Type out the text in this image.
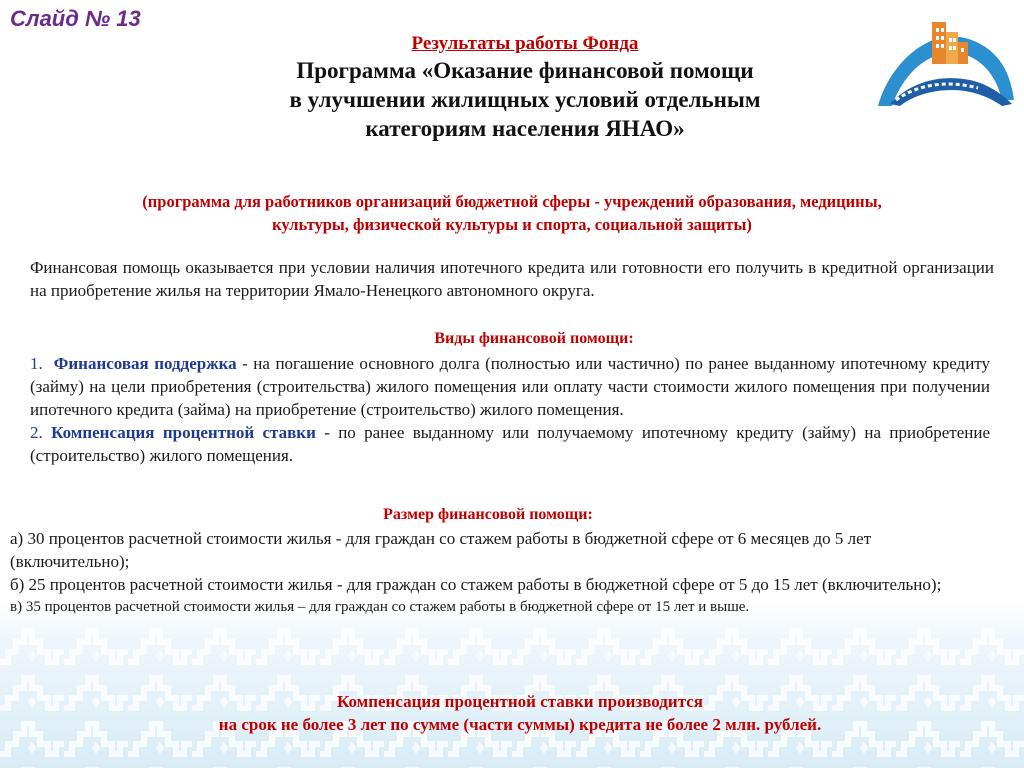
Слайд № 13
Результаты работы Фонда
Программа «Оказание финансовой помощи
в улучшении жилищных условий отдельным
категориям населения ЯНАО»
(программа для работников организаций бюджетной сферы - учреждений образования, медицины,
культуры, физической культуры и спорта, социальной защиты)
Финансовая помощь оказывается при условии наличия ипотечного кредита или готовности его получить в кредитной организации на приобретение жилья на территории Ямало-Ненецкого автономного округа.
Виды финансовой помощи:

1. Финансовая поддержка - на погашение основного долга (полностью или частично) по ранее выданному ипотечному кредиту (займу) на цели приобретения (строительства) жилого помещения или оплату части стоимости жилого помещения при получении ипотечного кредита (займа) на приобретение (строительство) жилого помещения.

2. Компенсация процентной ставки - по ранее выданному или получаемому ипотечному кредиту (займу) на приобретение (строительство) жилого помещения.

Размер финансовой помощи:

а) 30 процентов расчетной стоимости жилья - для граждан со стажем работы в бюджетной сфере от 6 месяцев до 5 лет (включительно);

б) 25 процентов расчетной стоимости жилья - для граждан со стажем работы в бюджетной сфере от 5 до 15 лет (включительно);

в) 35 процентов расчетной стоимости жилья – для граждан со стажем работы в бюджетной сфере от 15 лет и выше.

Компенсация процентной ставки производится
на срок не более 3 лет по сумме (части суммы) кредита не более 2 млн. рублей.
